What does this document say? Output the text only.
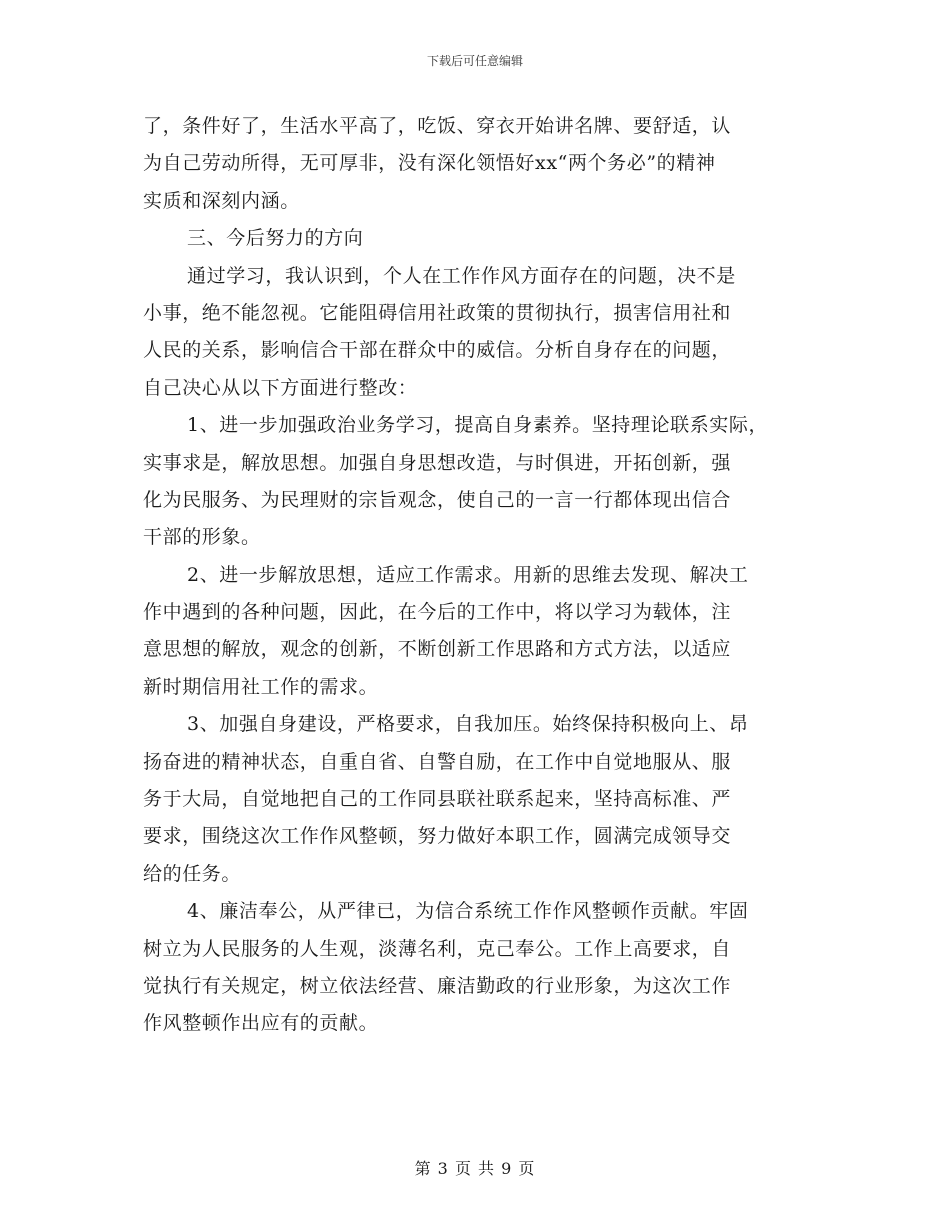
下载后可任意编辑
了，条件好了，生活水平高了，吃饭、穿衣开始讲名牌、要舒适，认
为自己劳动所得，无可厚非，没有深化领悟好xx“两个务必”的精神
实质和深刻内涵。
三、今后努力的方向
通过学习，我认识到，个人在工作作风方面存在的问题，决不是
小事，绝不能忽视。它能阻碍信用社政策的贯彻执行，损害信用社和
人民的关系，影响信合干部在群众中的威信。分析自身存在的问题，
自己决心从以下方面进行整改：
1、进一步加强政治业务学习，提高自身素养。坚持理论联系实际，
实事求是，解放思想。加强自身思想改造，与时俱进，开拓创新，强
化为民服务、为民理财的宗旨观念，使自己的一言一行都体现出信合
干部的形象。
2、进一步解放思想，适应工作需求。用新的思维去发现、解决工
作中遇到的各种问题，因此，在今后的工作中，将以学习为载体，注
意思想的解放，观念的创新，不断创新工作思路和方式方法，以适应
新时期信用社工作的需求。
3、加强自身建设，严格要求，自我加压。始终保持积极向上、昂
扬奋进的精神状态，自重自省、自警自励，在工作中自觉地服从、服
务于大局，自觉地把自己的工作同县联社联系起来，坚持高标准、严
要求，围绕这次工作作风整顿，努力做好本职工作，圆满完成领导交
给的任务。
4、廉洁奉公，从严律已，为信合系统工作作风整顿作贡献。牢固
树立为人民服务的人生观，淡薄名利，克己奉公。工作上高要求，自
觉执行有关规定，树立依法经营、廉洁勤政的行业形象，为这次工作
作风整顿作出应有的贡献。
第 3 页 共 9 页
